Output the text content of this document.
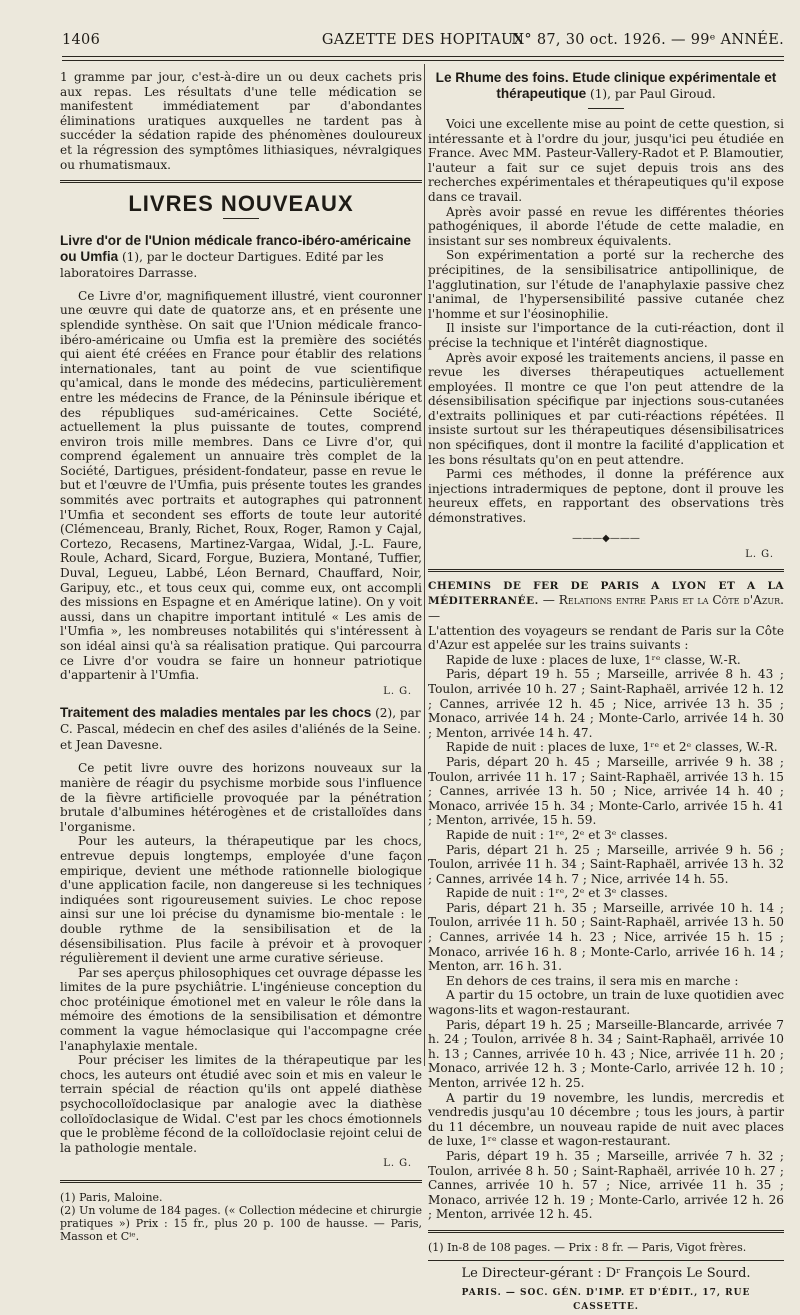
1406	GAZETTE DES HOPITAUX
N° 87, 30 oct. 1926. — 99ᵉ ANNÉE.

1 gramme par jour, c'est-à-dire un ou deux cachets pris aux repas. Les résultats d'une telle médication se manifestent immédiatement par d'abondantes éliminations uratiques auxquelles ne tardent pas à succéder la sédation rapide des phénomènes douloureux et la régression des symptômes lithiasiques, névralgiques ou rhumatismaux.

LIVRES NOUVEAUX
Livre d'or de l'Union médicale franco-ibéro-américaine ou Umfia (1), par le docteur Dartigues. Edité par les laboratoires Darrasse.

Ce Livre d'or, magnifiquement illustré, vient couronner une œuvre qui date de quatorze ans, et en présente une splendide synthèse. On sait que l'Union médicale franco-ibéro-américaine ou Umfia est la première des sociétés qui aient été créées en France pour établir des relations internationales, tant au point de vue scientifique qu'amical, dans le monde des médecins, particulièrement entre les médecins de France, de la Péninsule ibérique et des républiques sud-américaines. Cette Société, actuellement la plus puissante de toutes, comprend environ trois mille membres. Dans ce Livre d'or, qui comprend également un annuaire très complet de la Société, Dartigues, président-fondateur, passe en revue le but et l'œuvre de l'Umfia, puis présente toutes les grandes sommités avec portraits et autographes qui patronnent l'Umfia et secondent ses efforts de toute leur autorité (Clémenceau, Branly, Richet, Roux, Roger, Ramon y Cajal, Cortezo, Recasens, Martinez-Vargaa, Widal, J.-L. Faure, Roule, Achard, Sicard, Forgue, Buziera, Montané, Tuffier, Duval, Legueu, Labbé, Léon Bernard, Chauffard, Noir, Garipuy, etc., et tous ceux qui, comme eux, ont accompli des missions en Espagne et en Amérique latine). On y voit aussi, dans un chapitre important intitulé « Les amis de l'Umfia », les nombreuses notabilités qui s'intéressent à son idéal ainsi qu'à sa réalisation pratique. Qui parcourra ce Livre d'or voudra se faire un honneur patriotique d'appartenir à l'Umfia.

L. G.
Traitement des maladies mentales par les chocs (2), par C. Pascal, médecin en chef des asiles d'aliénés de la Seine. et Jean Davesne.

Ce petit livre ouvre des horizons nouveaux sur la manière de réagir du psychisme morbide sous l'influence de la fièvre artificielle provoquée par la pénétration brutale d'albumines hétérogènes et de cristalloïdes dans l'organisme.

Pour les auteurs, la thérapeutique par les chocs, entrevue depuis longtemps, employée d'une façon empirique, devient une méthode rationnelle biologique d'une application facile, non dangereuse si les techniques indiquées sont rigoureusement suivies. Le choc repose ainsi sur une loi précise du dynamisme bio-mentale : le double rythme de la sensibilisation et de la désensibilisation. Plus facile à prévoir et à provoquer régulièrement il devient une arme curative sérieuse.

Par ses aperçus philosophiques cet ouvrage dépasse les limites de la pure psychiâtrie. L'ingénieuse conception du choc protéinique émotionel met en valeur le rôle dans la mémoire des émotions de la sensibilisation et démontre comment la vague hémoclasique qui l'accompagne crée l'anaphylaxie mentale.

Pour préciser les limites de la thérapeutique par les chocs, les auteurs ont étudié avec soin et mis en valeur le terrain spécial de réaction qu'ils ont appelé diathèse psychocolloïdoclasique par analogie avec la diathèse colloïdoclasique de Widal. C'est par les chocs émotionnels que le problème fécond de la colloïdoclasie rejoint celui de la pathologie mentale.

L. G.

(1) Paris, Maloine.

(2) Un volume de 184 pages. (« Collection médecine et chirurgie pratiques ») Prix : 15 fr., plus 20 p. 100 de hausse. — Paris, Masson et Cⁱᵉ.

Le Rhume des foins. Etude clinique expérimentale et thérapeutique (1), par Paul Giroud.

Voici une excellente mise au point de cette question, si intéressante et à l'ordre du jour, jusqu'ici peu étudiée en France. Avec MM. Pasteur-Vallery-Radot et P. Blamoutier, l'auteur a fait sur ce sujet depuis trois ans des recherches expérimentales et thérapeutiques qu'il expose dans ce travail.

Après avoir passé en revue les différentes théories pathogéniques, il aborde l'étude de cette maladie, en insistant sur ses nombreux équivalents.

Son expérimentation a porté sur la recherche des précipitines, de la sensibilisatrice antipollinique, de l'agglutination, sur l'étude de l'anaphylaxie passive chez l'animal, de l'hypersensibilité passive cutanée chez l'homme et sur l'éosinophilie.

Il insiste sur l'importance de la cuti-réaction, dont il précise la technique et l'intérêt diagnostique.

Après avoir exposé les traitements anciens, il passe en revue les diverses thérapeutiques actuellement employées. Il montre ce que l'on peut attendre de la désensibilisation spécifique par injections sous-cutanées d'extraits polliniques et par cuti-réactions répétées. Il insiste surtout sur les thérapeutiques désensibilisatrices non spécifiques, dont il montre la facilité d'application et les bons résultats qu'on en peut attendre.

Parmi ces méthodes, il donne la préférence aux injections intradermiques de peptone, dont il prouve les heureux effets, en rapportant des observations très démonstratives.

———◆———
L. G.

CHEMINS DE FER DE PARIS A LYON ET A LA MÉDITERRANÉE. — Relations entre Paris et la Côte d'Azur. —

L'attention des voyageurs se rendant de Paris sur la Côte d'Azur est appelée sur les trains suivants :

Rapide de luxe : places de luxe, 1ʳᵉ classe, W.-R.

Paris, départ 19 h. 55 ; Marseille, arrivée 8 h. 43 ; Toulon, arrivée 10 h. 27 ; Saint-Raphaël, arrivée 12 h. 12 ; Cannes, arrivée 12 h. 45 ; Nice, arrivée 13 h. 35 ; Monaco, arrivée 14 h. 24 ; Monte-Carlo, arrivée 14 h. 30 ; Menton, arrivée 14 h. 47.

Rapide de nuit : places de luxe, 1ʳᵉ et 2ᵉ classes, W.-R.

Paris, départ 20 h. 45 ; Marseille, arrivée 9 h. 38 ; Toulon, arrivée 11 h. 17 ; Saint-Raphaël, arrivée 13 h. 15 ; Cannes, arrivée 13 h. 50 ; Nice, arrivée 14 h. 40 ; Monaco, arrivée 15 h. 34 ; Monte-Carlo, arrivée 15 h. 41 ; Menton, arrivée, 15 h. 59.

Rapide de nuit : 1ʳᵉ, 2ᵉ et 3ᵉ classes.

Paris, départ 21 h. 25 ; Marseille, arrivée 9 h. 56 ; Toulon, arrivée 11 h. 34 ; Saint-Raphaël, arrivée 13 h. 32 ; Cannes, arrivée 14 h. 7 ; Nice, arrivée 14 h. 55.

Rapide de nuit : 1ʳᵉ, 2ᵉ et 3ᵉ classes.

Paris, départ 21 h. 35 ; Marseille, arrivée 10 h. 14 ; Toulon, arrivée 11 h. 50 ; Saint-Raphaël, arrivée 13 h. 50 ; Cannes, arrivée 14 h. 23 ; Nice, arrivée 15 h. 15 ; Monaco, arrivée 16 h. 8 ; Monte-Carlo, arrivée 16 h. 14 ; Menton, arr. 16 h. 31.

En dehors de ces trains, il sera mis en marche :

A partir du 15 octobre, un train de luxe quotidien avec wagons-lits et wagon-restaurant.

Paris, départ 19 h. 25 ; Marseille-Blancarde, arrivée 7 h. 24 ; Toulon, arrivée 8 h. 34 ; Saint-Raphaël, arrivée 10 h. 13 ; Cannes, arrivée 10 h. 43 ; Nice, arrivée 11 h. 20 ; Monaco, arrivée 12 h. 3 ; Monte-Carlo, arrivée 12 h. 10 ; Menton, arrivée 12 h. 25.

A partir du 19 novembre, les lundis, mercredis et vendredis jusqu'au 10 décembre ; tous les jours, à partir du 11 décembre, un nouveau rapide de nuit avec places de luxe, 1ʳᵉ classe et wagon-restaurant.

Paris, départ 19 h. 35 ; Marseille, arrivée 7 h. 32 ; Toulon, arrivée 8 h. 50 ; Saint-Raphaël, arrivée 10 h. 27 ; Cannes, arrivée 10 h. 57 ; Nice, arrivée 11 h. 35 ; Monaco, arrivée 12 h. 19 ; Monte-Carlo, arrivée 12 h. 26 ; Menton, arrivée 12 h. 45.

(1) In-8 de 108 pages. — Prix : 8 fr. — Paris, Vigot frères.

Le Directeur-gérant : Dʳ François Le Sourd.
PARIS. — SOC. GÉN. D'IMP. ET D'ÉDIT., 17, RUE CASSETTE.
